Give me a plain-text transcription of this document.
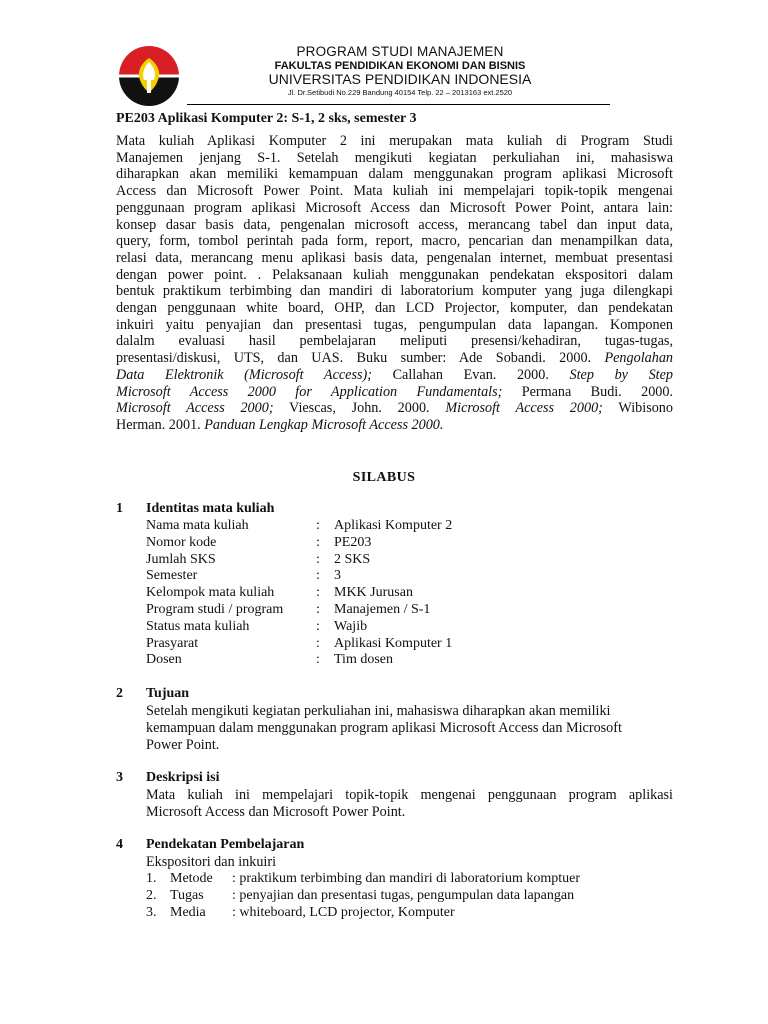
PROGRAM STUDI MANAJEMEN
FAKULTAS PENDIDIKAN EKONOMI DAN BISNIS
UNIVERSITAS PENDIDIKAN INDONESIA
Jl. Dr.Setibudi No.229 Bandung 40154 Telp. 22 – 2013163 ext.2520
PE203 Aplikasi Komputer 2: S-1, 2 sks, semester 3
Mata kuliah Aplikasi Komputer 2 ini merupakan mata kuliah di Program Studi
Manajemen jenjang S-1. Setelah mengikuti kegiatan perkuliahan ini, mahasiswa
diharapkan akan memiliki kemampuan dalam menggunakan program aplikasi Microsoft
Access dan Microsoft Power Point. Mata kuliah ini mempelajari topik-topik mengenai
penggunaan program aplikasi Microsoft Access dan Microsoft Power Point, antara lain:
konsep dasar basis data, pengenalan microsoft access, merancang tabel dan input data,
query, form, tombol perintah pada form, report, macro, pencarian dan menampilkan data,
relasi data, merancang menu aplikasi basis data, pengenalan internet, membuat presentasi
dengan power point. . Pelaksanaan kuliah menggunakan pendekatan ekspositori dalam
bentuk praktikum terbimbing dan mandiri di laboratorium komputer yang juga dilengkapi
dengan penggunaan white board, OHP, dan LCD Projector, komputer, dan pendekatan
inkuiri yaitu penyajian dan presentasi tugas, pengumpulan data lapangan. Komponen
dalalm evaluasi hasil pembelajaran meliputi presensi/kehadiran, tugas-tugas,
presentasi/diskusi, UTS, dan UAS. Buku sumber: Ade Sobandi. 2000. Pengolahan
Data Elektronik (Microsoft Access); Callahan Evan. 2000. Step by Step
Microsoft Access 2000 for Application Fundamentals; Permana Budi. 2000.
Microsoft Access 2000; Viescas, John. 2000. Microsoft Access 2000; Wibisono
Herman. 2001. Panduan Lengkap Microsoft Access 2000.
SILABUS
1 Identitas mata kuliah
Nama mata kuliah	: Aplikasi Komputer 2
Nomor kode	: PE203
Jumlah SKS	: 2 SKS
Semester	: 3
Kelompok mata kuliah	: MKK Jurusan
Program studi / program	: Manajemen / S-1
Status mata kuliah	: Wajib
Prasyarat	: Aplikasi Komputer 1
Dosen	: Tim dosen
2 Tujuan
Setelah mengikuti kegiatan perkuliahan ini, mahasiswa diharapkan akan memiliki
kemampuan dalam menggunakan program aplikasi Microsoft Access dan Microsoft
Power Point.
3 Deskripsi isi
Mata kuliah ini mempelajari topik-topik mengenai penggunaan program aplikasi
Microsoft Access dan Microsoft Power Point.
4 Pendekatan Pembelajaran
Ekspositori dan inkuiri
1. Metode : praktikum terbimbing dan mandiri di laboratorium komptuer
2. Tugas : penyajian dan presentasi tugas, pengumpulan data lapangan
3. Media : whiteboard, LCD projector, Komputer
